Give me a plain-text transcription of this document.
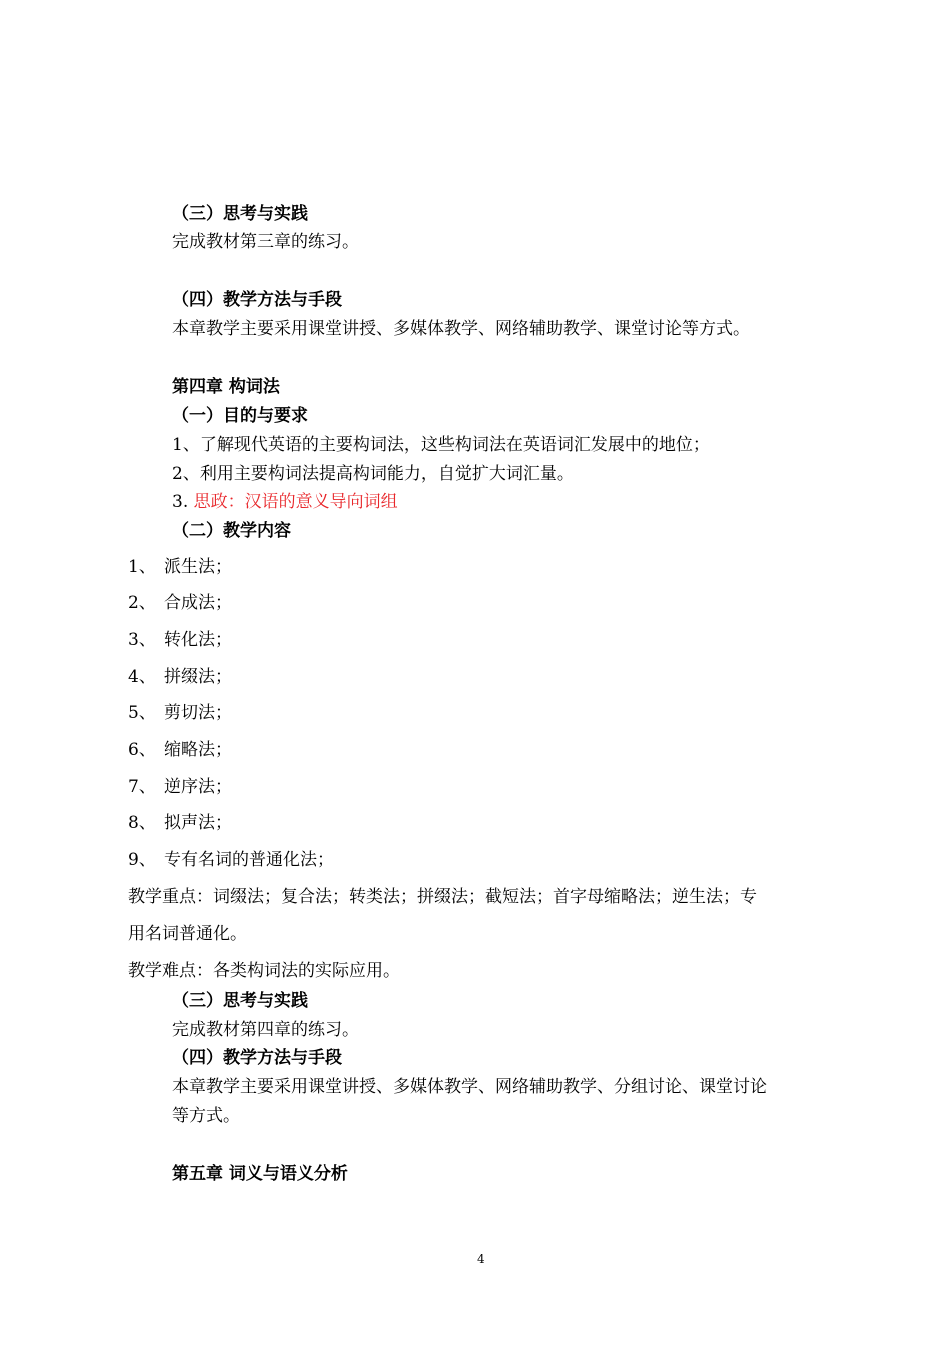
（三）思考与实践
完成教材第三章的练习。
（四）教学方法与手段
本章教学主要采用课堂讲授、多媒体教学、网络辅助教学、课堂讨论等方式。
第四章 构词法
（一）目的与要求
1、了解现代英语的主要构词法，这些构词法在英语词汇发展中的地位；
2、利用主要构词法提高构词能力，自觉扩大词汇量。
3. 思政：汉语的意义导向词组
（二）教学内容
1、 派生法；
2、 合成法；
3、 转化法；
4、 拼缀法；
5、 剪切法；
6、 缩略法；
7、 逆序法；
8、 拟声法；
9、 专有名词的普通化法；
教学重点：词缀法；复合法；转类法；拼缀法；截短法；首字母缩略法；逆生法；专
用名词普通化。
教学难点：各类构词法的实际应用。
（三）思考与实践
完成教材第四章的练习。
（四）教学方法与手段
本章教学主要采用课堂讲授、多媒体教学、网络辅助教学、分组讨论、课堂讨论
等方式。
第五章 词义与语义分析
4
